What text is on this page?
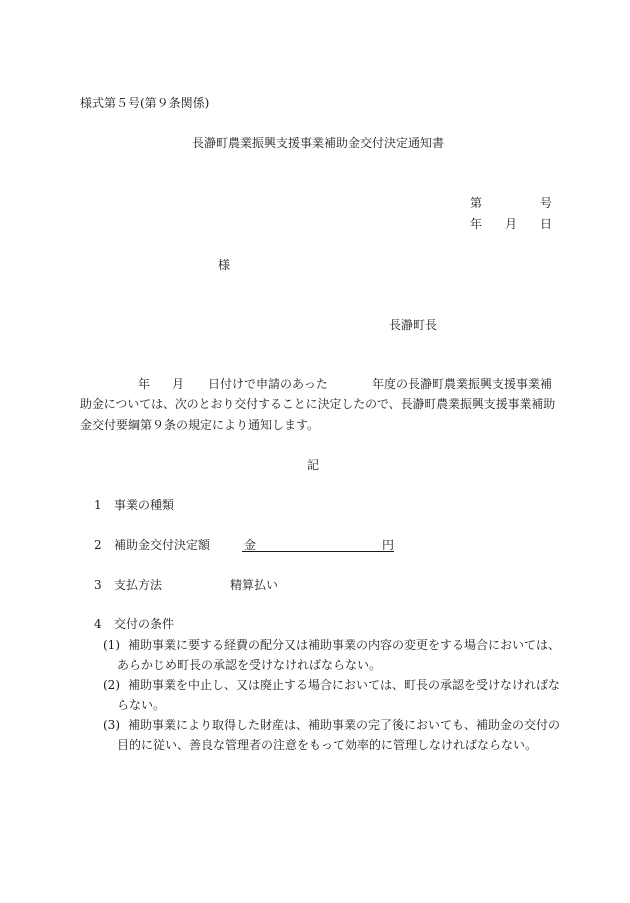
様式第５号(第９条関係)
長瀞町農業振興支援事業補助金交付決定通知書
第	号
年 月 日
様
長瀞町長
年 月 日付けで申請のあった	年度の長瀞町農業振興支援事業補
助金については、次のとおり交付することに決定したので、長瀞町農業振興支援事業補助
金交付要綱第９条の規定により通知します。
記
1 事業の種類
2 補助金交付決定額	金	円
3 支払方法	精算払い
4 交付の条件
(1) 補助事業に要する経費の配分又は補助事業の内容の変更をする場合においては、
あらかじめ町長の承認を受けなければならない。
(2) 補助事業を中止し、又は廃止する場合においては、町長の承認を受けなければな
らない。
(3) 補助事業により取得した財産は、補助事業の完了後においても、補助金の交付の
目的に従い、善良な管理者の注意をもって効率的に管理しなければならない。
